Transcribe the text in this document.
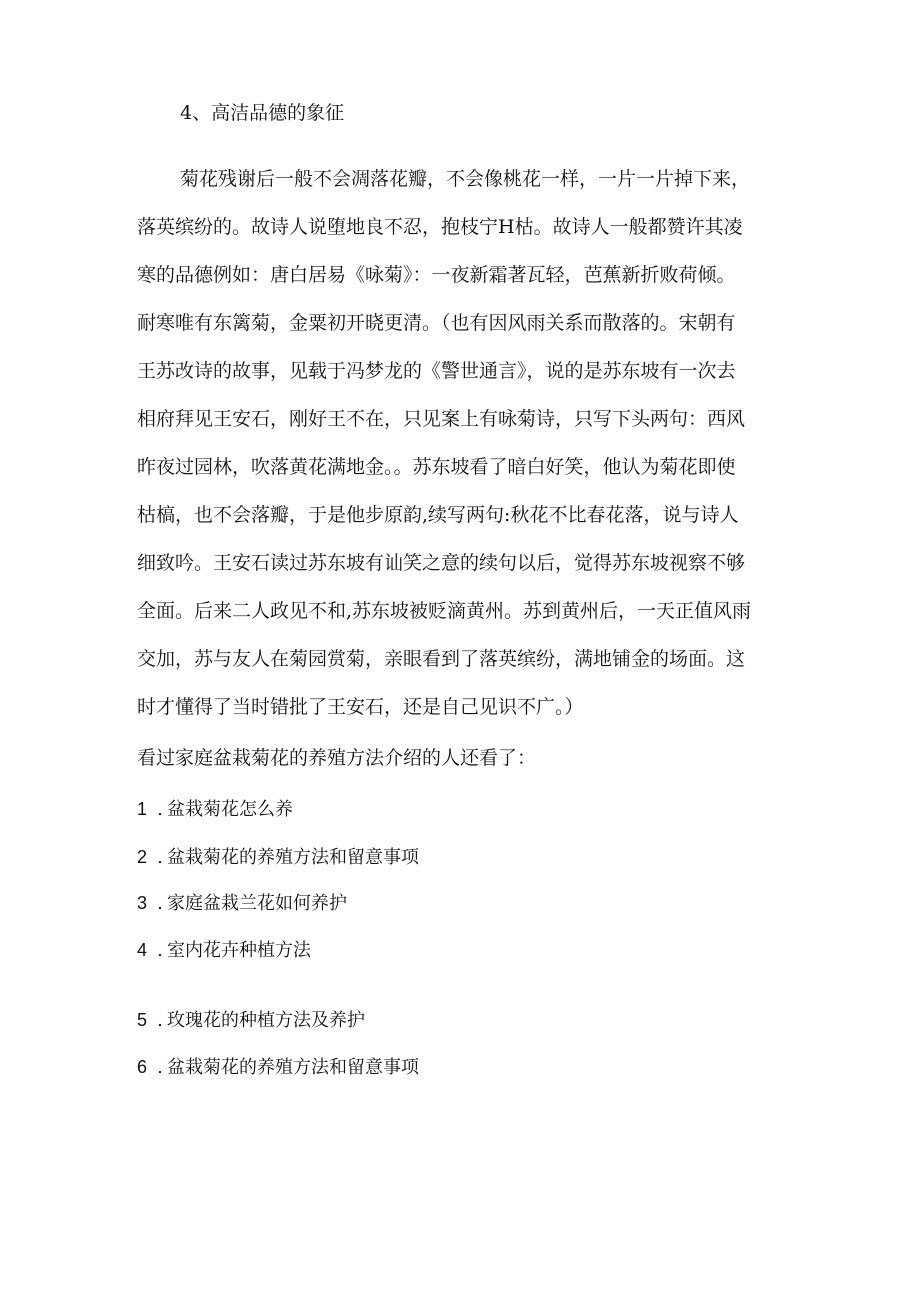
4、高洁品德的象征
菊花残谢后一般不会凋落花瓣，不会像桃花一样，一片一片掉下来，
落英缤纷的。故诗人说堕地良不忍，抱枝宁H枯。故诗人一般都赞许其凌
寒的品德例如：唐白居易《咏菊》：一夜新霜著瓦轻，芭蕉新折败荷倾。
耐寒唯有东篱菊，金粟初开晓更清。（也有因风雨关系而散落的。宋朝有
王苏改诗的故事，见载于冯梦龙的《警世通言》，说的是苏东坡有一次去
相府拜见王安石，刚好王不在，只见案上有咏菊诗，只写下头两句：西风
昨夜过园林，吹落黄花满地金。。苏东坡看了暗白好笑，他认为菊花即使
枯槁，也不会落瓣，于是他步原韵,续写两句:秋花不比春花落，说与诗人
细致吟。王安石读过苏东坡有讪笑之意的续句以后，觉得苏东坡视察不够
全面。后来二人政见不和,苏东坡被贬滴黄州。苏到黄州后，一天正值风雨
交加，苏与友人在菊园赏菊，亲眼看到了落英缤纷，满地铺金的场面。这
时才懂得了当时错批了王安石，还是自己见识不广。）
看过家庭盆栽菊花的养殖方法介绍的人还看了：
1 . 盆栽菊花怎么养
2 . 盆栽菊花的养殖方法和留意事项
3 . 家庭盆栽兰花如何养护
4 . 室内花卉种植方法
5 . 玫瑰花的种植方法及养护
6 . 盆栽菊花的养殖方法和留意事项
